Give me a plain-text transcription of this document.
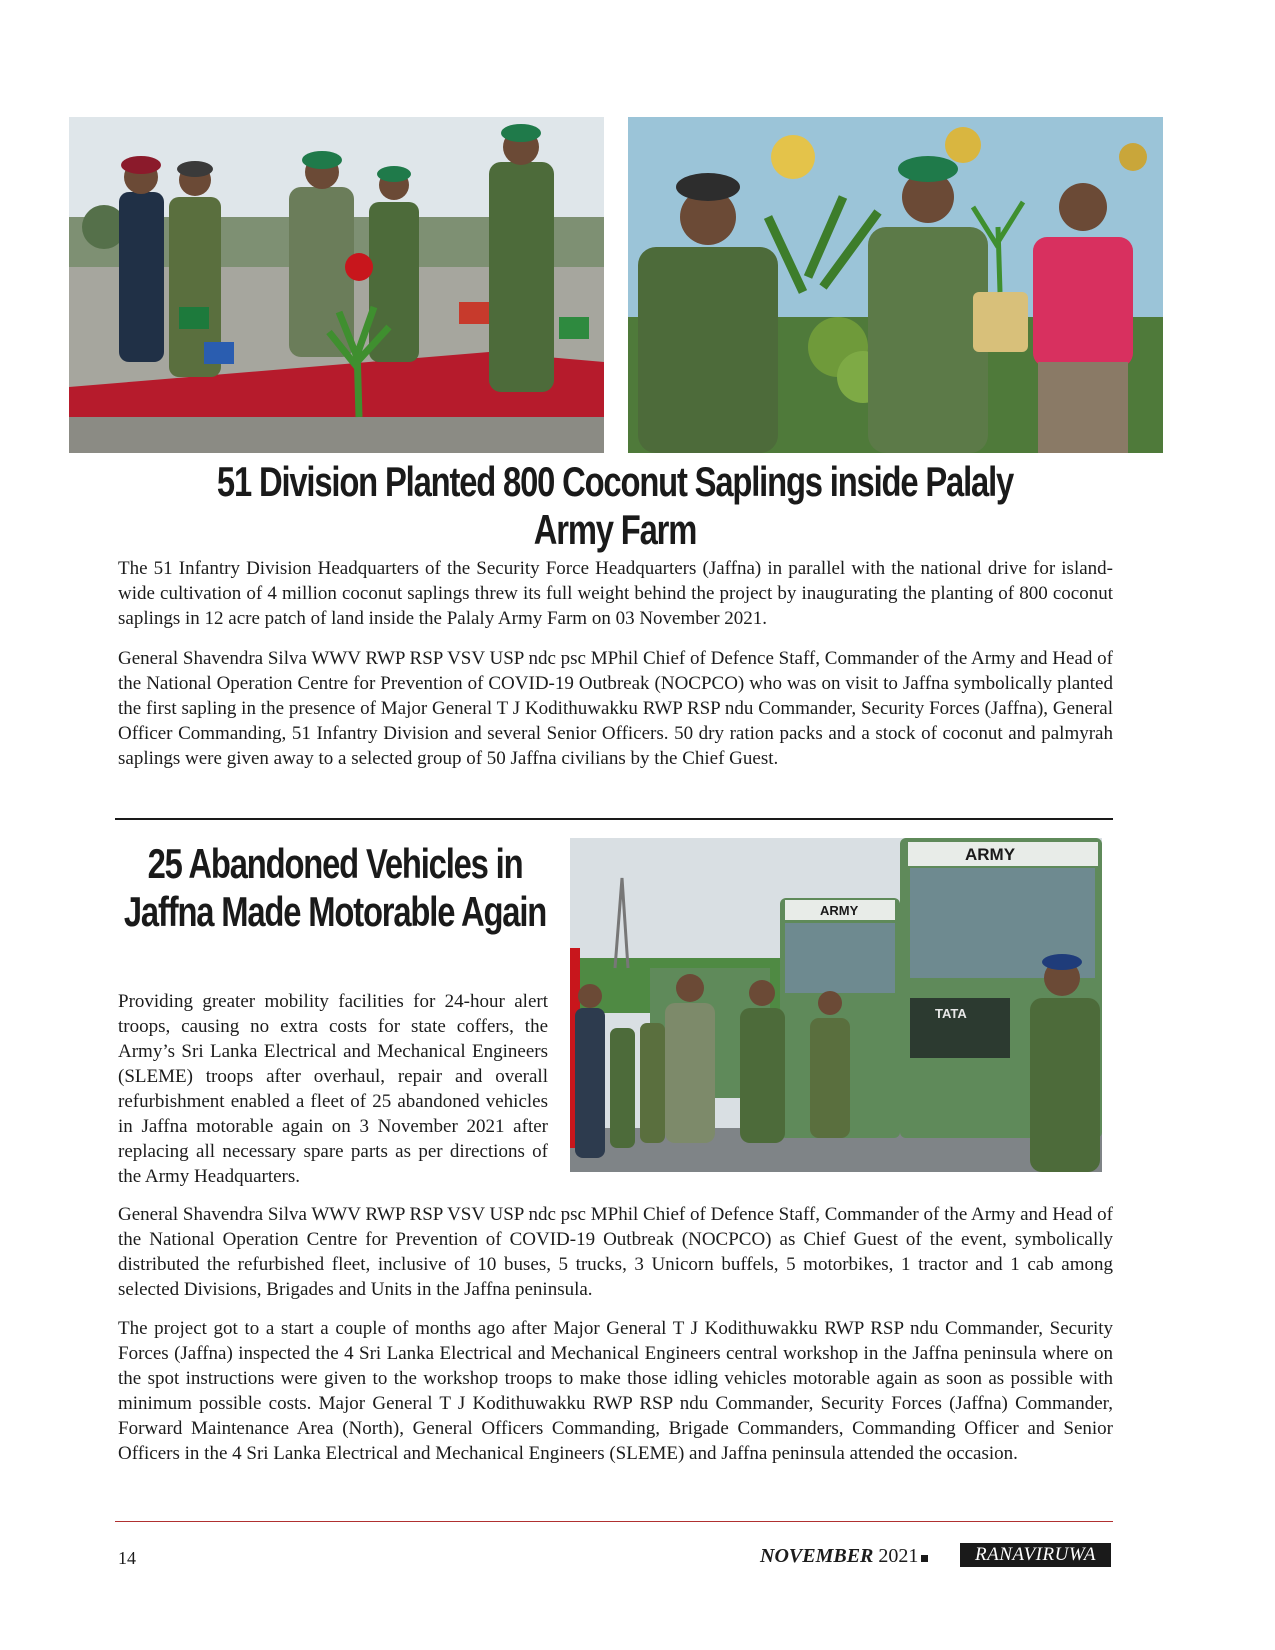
51 Division Planted 800 Coconut Saplings inside Palaly Army Farm

The 51 Infantry Division Headquarters of the Security Force Headquarters (Jaffna) in parallel with the national drive for island-wide cultivation of 4 million coconut saplings threw its full weight behind the project by inaugurating the planting of 800 coconut saplings in 12 acre patch of land inside the Palaly Army Farm on 03 November 2021.

General Shavendra Silva WWV RWP RSP VSV USP ndc psc MPhil Chief of Defence Staff, Commander of the Army and Head of the National Operation Centre for Prevention of COVID-19 Outbreak (NOCPCO) who was on visit to Jaffna symbolically planted the first sapling in the presence of Major General T J Kodithuwakku RWP RSP ndu Commander, Security Forces (Jaffna), General Officer Commanding, 51 Infantry Division and several Senior Officers. 50 dry ration packs and a stock of coconut and palmyrah saplings were given away to a selected group of 50 Jaffna civilians by the Chief Guest.

25 Abandoned Vehicles in Jaffna Made Motorable Again

Providing greater mobility facilities for 24-hour alert troops, causing no extra costs for state coffers, the Army’s Sri Lanka Electrical and Mechanical Engineers (SLEME) troops after overhaul, repair and overall refurbishment enabled a fleet of 25 abandoned vehicles in Jaffna motorable again on 3 November 2021 after replacing all necessary spare parts as per directions of the Army Headquarters.

ARMY
ARMY
TATA

General Shavendra Silva WWV RWP RSP VSV USP ndc psc MPhil Chief of Defence Staff, Commander of the Army and Head of the National Operation Centre for Prevention of COVID-19 Outbreak (NOCPCO) as Chief Guest of the event, symbolically distributed the refurbished fleet, inclusive of 10 buses, 5 trucks, 3 Unicorn buffels, 5 motorbikes, 1 tractor and 1 cab among selected Divisions, Brigades and Units in the Jaffna peninsula.

The project got to a start a couple of months ago after Major General T J Kodithuwakku RWP RSP ndu Commander, Security Forces (Jaffna) inspected the 4 Sri Lanka Electrical and Mechanical Engineers central workshop in the Jaffna peninsula where on the spot instructions were given to the workshop troops to make those idling vehicles motorable again as soon as possible with minimum possible costs. Major General T J Kodithuwakku RWP RSP ndu Commander, Security Forces (Jaffna) Commander, Forward Maintenance Area (North), General Officers Commanding, Brigade Commanders, Commanding Officer and Senior Officers in the 4 Sri Lanka Electrical and Mechanical Engineers (SLEME) and Jaffna peninsula attended the occasion.

14	NOVEMBER 2021	RANAVIRUWA
